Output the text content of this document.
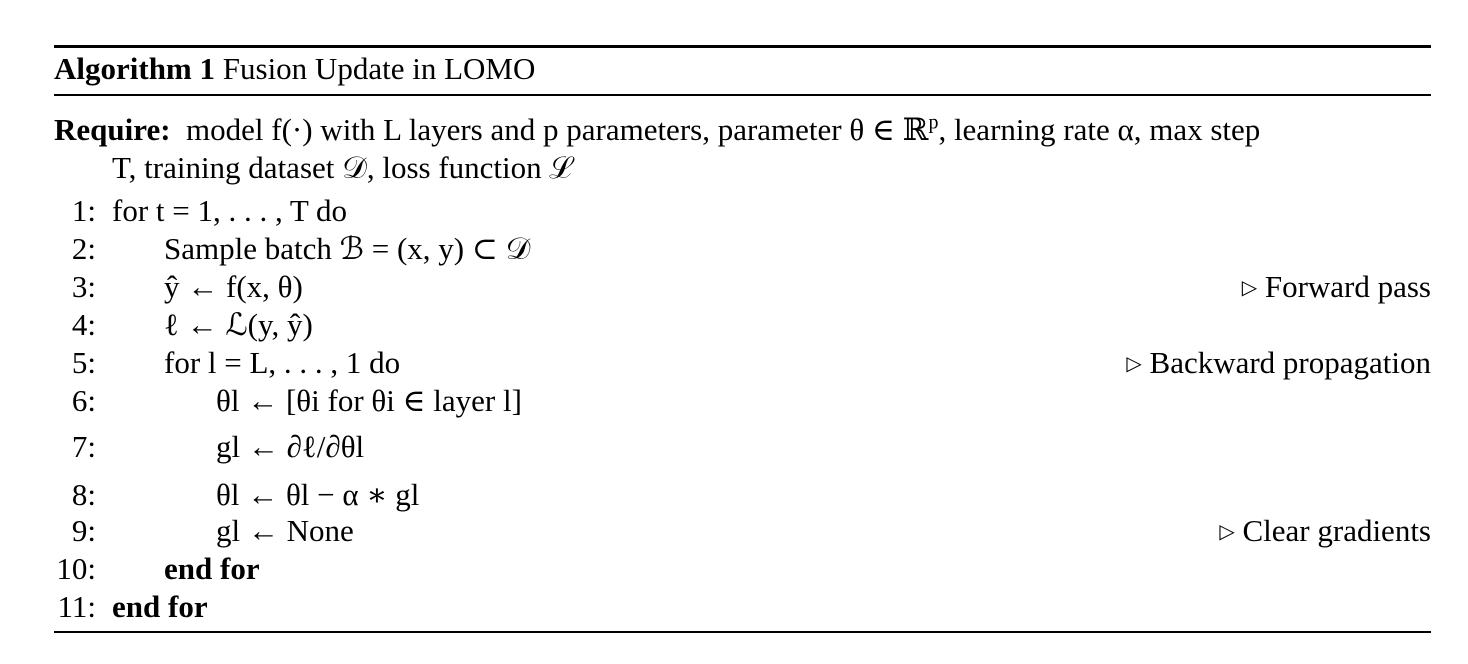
Algorithm 1 Fusion Update in LOMO
Require: model f(·) with L layers and p parameters, parameter θ ∈ ℝ$^p$, learning rate α, max step
T, training dataset 𝒟, loss function ℒ
1: for t = 1, . . . , T do
2: Sample batch ℬ = (x, y) ⊂ 𝒟
3: ŷ ← f(x, θ)	▷ Forward pass
4: ℓ ← ℒ(y, ŷ)
5: for l = L, . . . , 1 do	▷ Backward propagation
6:	θl ← [θi for θi ∈ layer l]
7:	gl ← ∂ℓ/∂θl
8:	θl ← θl − α ∗ gl
9:	gl ← None	▷ Clear gradients
10: end for
11: end for
